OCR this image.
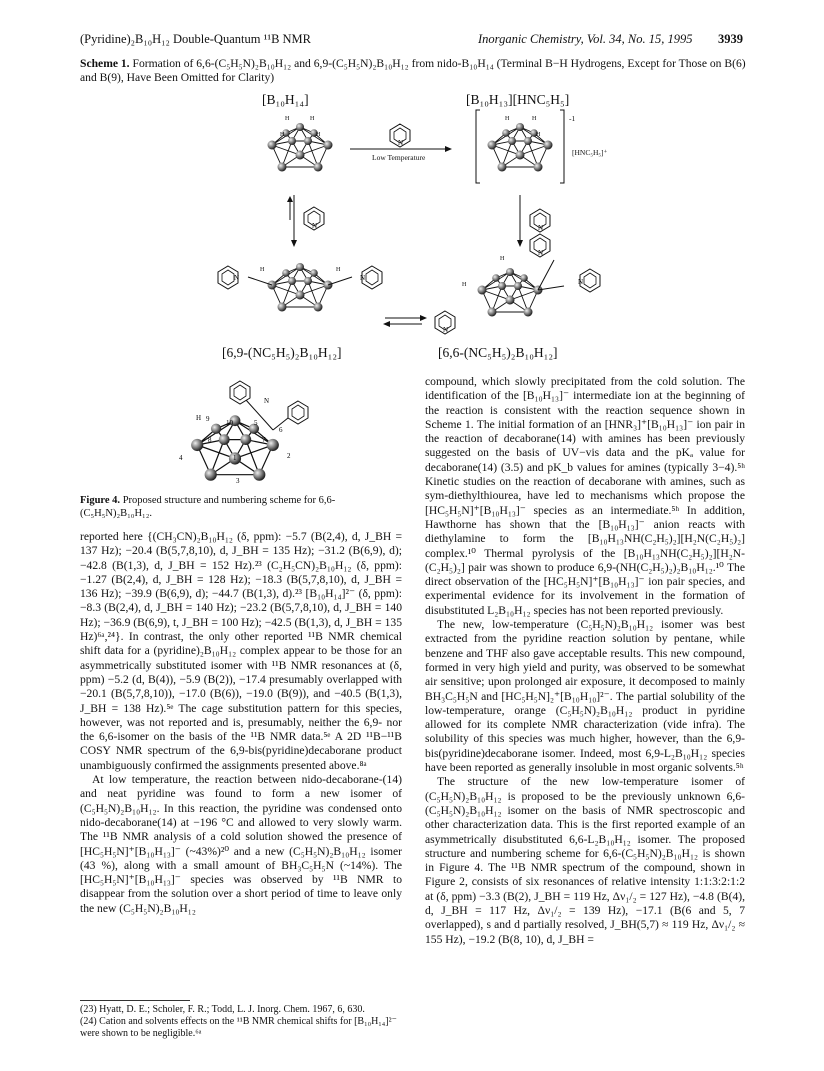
(Pyridine)₂B₁₀H₁₂ Double-Quantum ¹¹B NMR	Inorganic Chemistry, Vol. 34, No. 15, 1995 3939
Scheme 1. Formation of 6,6-(C₅H₅N)₂B₁₀H₁₂ and 6,9-(C₅H₅N)₂B₁₀H₁₂ from nido-B₁₀H₁₄ (Terminal B−H Hydrogens, Except for Those on B(6) and B(9), Have Been Omitted for Clarity)
[B₁₀H₁₄]	[B₁₀H₁₃][HNC₅H₅]
[6,9-(NC₅H₅)₂B₁₀H₁₂]	[6,6-(NC₅H₅)₂B₁₀H₁₂]
Low Temperature
-1
[HNC₅H₅]⁺
H	H
H	H
N
H	H
H
N	N
H	H
N	N
H
H
N
N
N
H 9 10
8
4	1
5
6
7
2
3
N
Figure 4. Proposed structure and numbering scheme for 6,6-(C₅H₅N)₂B₁₀H₁₂.

reported here {(CH₃CN)₂B₁₀H₁₂ (δ, ppm): −5.7 (B(2,4), d, J_BH = 137 Hz); −20.4 (B(5,7,8,10), d, J_BH = 135 Hz); −31.2 (B(6,9), d); −42.8 (B(1,3), d, J_BH = 152 Hz).²³ (C₂H₅CN)₂B₁₀H₁₂ (δ, ppm): −1.27 (B(2,4), d, J_BH = 128 Hz); −18.3 (B(5,7,8,10), d, J_BH = 136 Hz); −39.9 (B(6,9), d); −44.7 (B(1,3), d).²³ [B₁₀H₁₄]²⁻ (δ, ppm): −8.3 (B(2,4), d, J_BH = 140 Hz); −23.2 (B(5,7,8,10), d, J_BH = 140 Hz); −36.9 (B(6,9), t, J_BH = 100 Hz); −42.5 (B(1,3), d, J_BH = 135 Hz)⁶ᵃ,²⁴}. In contrast, the only other reported ¹¹B NMR chemical shift data for a (pyridine)₂B₁₀H₁₂ complex appear to be those for an asymmetrically substituted isomer with ¹¹B NMR resonances at (δ, ppm) −5.2 (d, B(4)), −5.9 (B(2)), −17.4 presumably overlapped with −20.1 (B(5,7,8,10)), −17.0 (B(6)), −19.0 (B(9)), and −40.5 (B(1,3), J_BH = 138 Hz).⁵ᵉ The cage substitution pattern for this species, however, was not reported and is, presumably, neither the 6,9- nor the 6,6-isomer on the basis of the ¹¹B NMR data.⁵ᵉ A 2D ¹¹B−¹¹B COSY NMR spectrum of the 6,9-bis(pyridine)decaborane product unambiguously confirmed the assignments presented above.⁸ᵃ

At low temperature, the reaction between nido-decaborane-(14) and neat pyridine was found to form a new isomer of (C₅H₅N)₂B₁₀H₁₂. In this reaction, the pyridine was condensed onto nido-decaborane(14) at −196 °C and allowed to very slowly warm. The ¹¹B NMR analysis of a cold solution showed the presence of [HC₅H₅N]⁺[B₁₀H₁₃]⁻ (~43%)²⁰ and a new (C₅H₅N)₂B₁₀H₁₂ isomer (43 %), along with a small amount of BH₃C₅H₅N (~14%). The [HC₅H₅N]⁺[B₁₀H₁₃]⁻ species was observed by ¹¹B NMR to disappear from the solution over a short period of time to leave only the new (C₅H₅N)₂B₁₀H₁₂

(23) Hyatt, D. E.; Scholer, F. R.; Todd, L. J. Inorg. Chem. 1967, 6, 630.
(24) Cation and solvents effects on the ¹¹B NMR chemical shifts for [B₁₀H₁₄]²⁻ were shown to be negligible.⁶ᵃ

compound, which slowly precipitated from the cold solution. The identification of the [B₁₀H₁₃]⁻ intermediate ion at the beginning of the reaction is consistent with the reaction sequence shown in Scheme 1. The initial formation of an [HNR₃]⁺[B₁₀H₁₃]⁻ ion pair in the reaction of decaborane(14) with amines has been previously suggested on the basis of UV−vis data and the pKₐ value for decaborane(14) (3.5) and pK_b values for amines (typically 3−4).⁵ʰ Kinetic studies on the reaction of decaborane with amines, such as sym-diethylthiourea, have led to mechanisms which propose the [HC₅H₅N]⁺[B₁₀H₁₃]⁻ species as an intermediate.⁵ʰ In addition, Hawthorne has shown that the [B₁₀H₁₃]⁻ anion reacts with diethylamine to form the [B₁₀H₁₃NH(C₂H₅)₂][H₂N(C₂H₅)₂] complex.¹⁰ Thermal pyrolysis of the [B₁₀H₁₃NH(C₂H₅)₂][H₂N-(C₂H₅)₂] pair was shown to produce 6,9-(NH(C₂H₅)₂)₂B₁₀H₁₂.¹⁰ The direct observation of the [HC₅H₅N]⁺[B₁₀H₁₃]⁻ ion pair species, and experimental evidence for its involvement in the formation of disubstituted L₂B₁₀H₁₂ species has not been reported previously.

The new, low-temperature (C₅H₅N)₂B₁₀H₁₂ isomer was best extracted from the pyridine reaction solution by pentane, while benzene and THF also gave acceptable results. This new compound, formed in very high yield and purity, was observed to be somewhat air sensitive; upon prolonged air exposure, it decomposed to mainly BH₃C₅H₅N and [HC₅H₅N]₂⁺[B₁₀H₁₀]²⁻. The partial solubility of the low-temperature, orange (C₅H₅N)₂B₁₀H₁₂ product in pyridine allowed for its complete NMR characterization (vide infra). The solubility of this species was much higher, however, than the 6,9-bis(pyridine)decaborane isomer. Indeed, most 6,9-L₂B₁₀H₁₂ species have been reported as generally insoluble in most organic solvents.⁵ʰ

The structure of the new low-temperature isomer of (C₅H₅N)₂B₁₀H₁₂ is proposed to be the previously unknown 6,6-(C₅H₅N)₂B₁₀H₁₂ isomer on the basis of NMR spectroscopic and other characterization data. This is the first reported example of an asymmetrically disubstituted 6,6-L₂B₁₀H₁₂ isomer. The proposed structure and numbering scheme for 6,6-(C₅H₅N)₂B₁₀H₁₂ is shown in Figure 4. The ¹¹B NMR spectrum of the compound, shown in Figure 2, consists of six resonances of relative intensity 1:1:3:2:1:2 at (δ, ppm) −3.3 (B(2), J_BH = 119 Hz, Δν₁/₂ = 127 Hz), −4.8 (B(4), d, J_BH = 117 Hz, Δν₁/₂ = 139 Hz), −17.1 (B(6 and 5, 7 overlapped), s and d partially resolved, J_BH(5,7) ≈ 119 Hz, Δν₁/₂ ≈ 155 Hz), −19.2 (B(8, 10), d, J_BH =
